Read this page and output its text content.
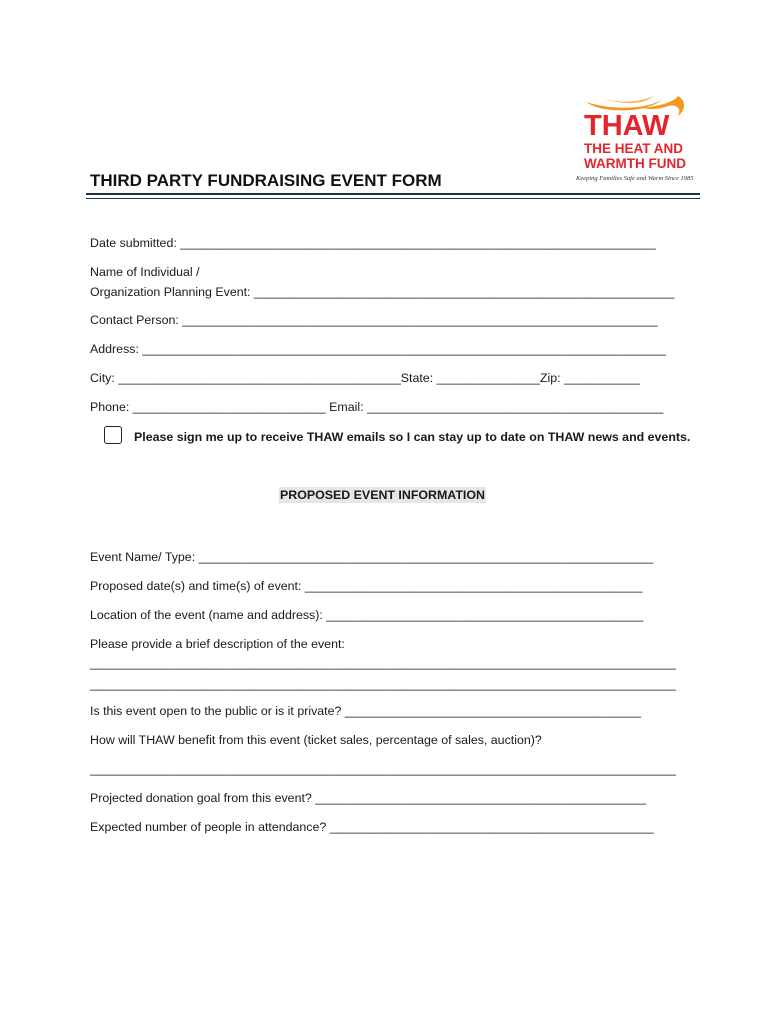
THAW
THE HEAT AND
WARMTH FUND
Keeping Families Safe and Warm Since 1985
THIRD PARTY FUNDRAISING EVENT FORM
Date submitted: _____________________________________________________________________
Name of Individual /
Organization Planning Event: _____________________________________________________________
Contact Person: _____________________________________________________________________
Address: ____________________________________________________________________________
City: _________________________________________State: _______________Zip: ___________
Phone: ____________________________ Email: ___________________________________________
Please sign me up to receive THAW emails so I can stay up to date on THAW news and events.
PROPOSED EVENT INFORMATION
Event Name/ Type: __________________________________________________________________
Proposed date(s) and time(s) of event: _________________________________________________
Location of the event (name and address): ______________________________________________
Please provide a brief description of the event:
_____________________________________________________________________________________
_____________________________________________________________________________________
Is this event open to the public or is it private? ___________________________________________
How will THAW benefit from this event (ticket sales, percentage of sales, auction)?
_____________________________________________________________________________________
Projected donation goal from this event? ________________________________________________
Expected number of people in attendance? _______________________________________________
